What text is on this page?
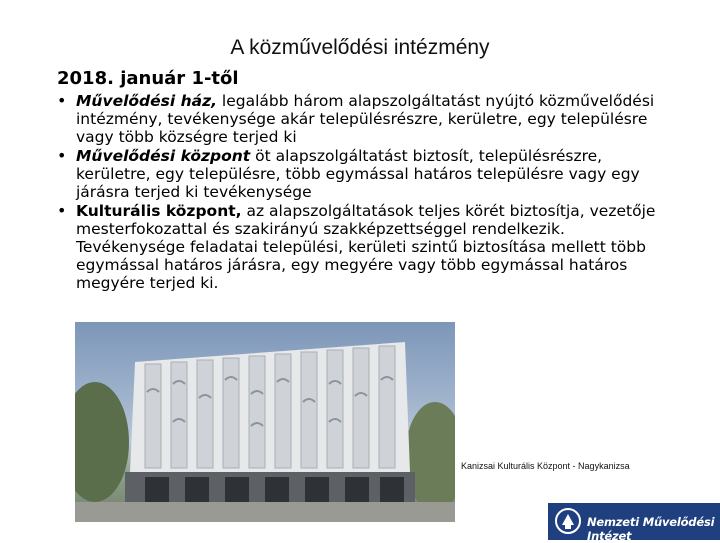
A közművelődési intézmény
2018. január 1-től
• Művelődési ház, legalább három alapszolgáltatást nyújtó közművelődési intézmény, tevékenysége akár településrészre, kerületre, egy településre vagy több községre terjed ki
• Művelődési központ öt alapszolgáltatást biztosít, településrészre, kerületre, egy településre, több egymással határos településre vagy egy járásra terjed ki tevékenysége
• Kulturális központ, az alapszolgáltatások teljes körét biztosítja, vezetője mesterfokozattal és szakirányú szakképzettséggel rendelkezik. Tevékenysége feladatai települési, kerületi szintű biztosítása mellett több egymással határos járásra, egy megyére vagy több egymással határos megyére terjed ki.
Kanizsai Kulturális Központ - Nagykanizsa
Nemzeti Művelődési Intézet
